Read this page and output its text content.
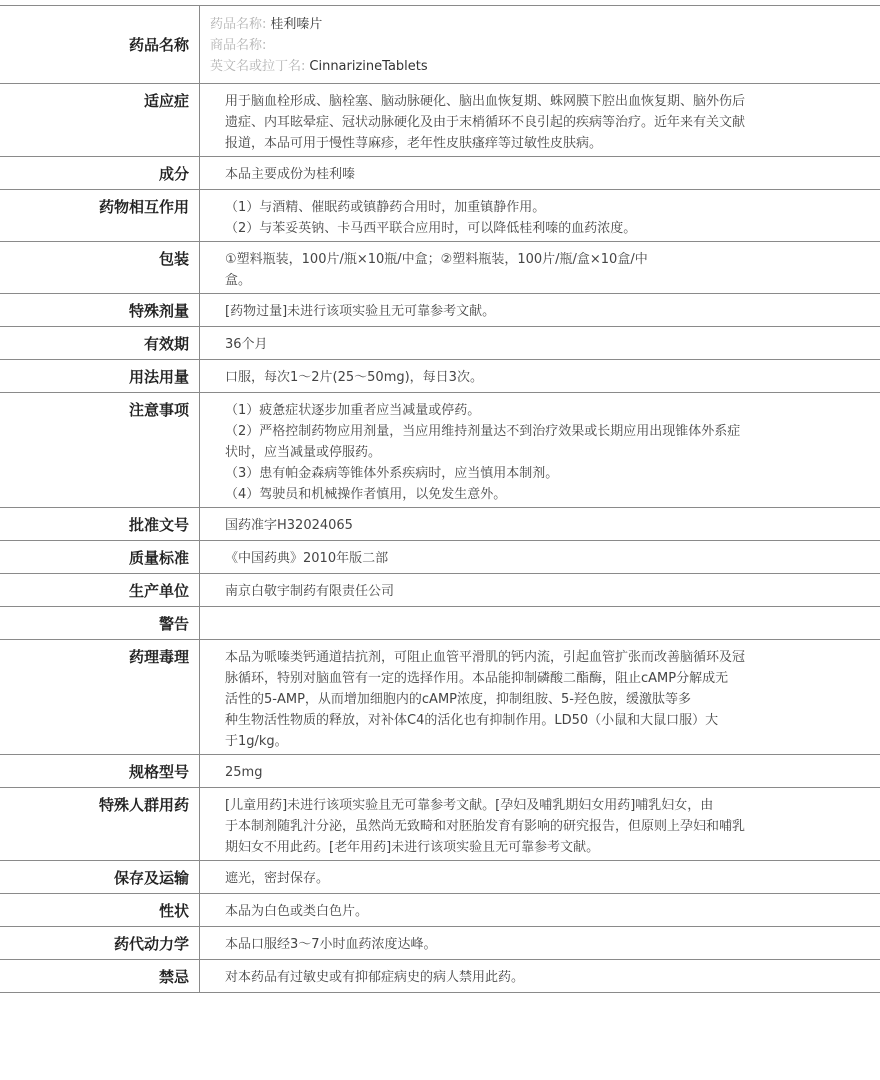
药品名称
药品名称: 桂利嗪片
商品名称:
英文名或拉丁名: CinnarizineTablets
适应症	用于脑血栓形成、脑栓塞、脑动脉硬化、脑出血恢复期、蛛网膜下腔出血恢复期、脑外伤后
遗症、内耳眩晕症、冠状动脉硬化及由于末梢循环不良引起的疾病等治疗。近年来有关文献
报道，本品可用于慢性荨麻疹，老年性皮肤瘙痒等过敏性皮肤病。
成分	本品主要成份为桂利嗪
药物相互作用	（1）与酒精、催眠药或镇静药合用时，加重镇静作用。
（2）与苯妥英钠、卡马西平联合应用时，可以降低桂利嗪的血药浓度。
包装	①塑料瓶装，100片/瓶×10瓶/中盒；②塑料瓶装，100片/瓶/盒×10盒/中
盒。
特殊剂量	[药物过量]未进行该项实验且无可靠参考文献。
有效期	36个月
用法用量	口服，每次1～2片(25～50mg)，每日3次。
注意事项	（1）疲惫症状逐步加重者应当减量或停药。
（2）严格控制药物应用剂量，当应用维持剂量达不到治疗效果或长期应用出现锥体外系症
状时，应当减量或停服药。
（3）患有帕金森病等锥体外系疾病时，应当慎用本制剂。
（4）驾驶员和机械操作者慎用，以免发生意外。
批准文号	国药准字H32024065
质量标准	《中国药典》2010年版二部
生产单位	南京白敬宇制药有限责任公司
警告
药理毒理	本品为哌嗪类钙通道拮抗剂，可阻止血管平滑肌的钙内流，引起血管扩张而改善脑循环及冠
脉循环，特别对脑血管有一定的选择作用。本品能抑制磷酸二酯酶，阻止cAMP分解成无
活性的5-AMP，从而增加细胞内的cAMP浓度，抑制组胺、5-羟色胺，缓激肽等多
种生物活性物质的释放，对补体C4的活化也有抑制作用。LD50（小鼠和大鼠口服）大
于1g/kg。
规格型号	25mg
特殊人群用药	[儿童用药]未进行该项实验且无可靠参考文献。[孕妇及哺乳期妇女用药]哺乳妇女，由
于本制剂随乳汁分泌，虽然尚无致畸和对胚胎发育有影响的研究报告，但原则上孕妇和哺乳
期妇女不用此药。[老年用药]未进行该项实验且无可靠参考文献。
保存及运输	遮光，密封保存。
性状	本品为白色或类白色片。
药代动力学	本品口服经3～7小时血药浓度达峰。
禁忌	对本药品有过敏史或有抑郁症病史的病人禁用此药。
